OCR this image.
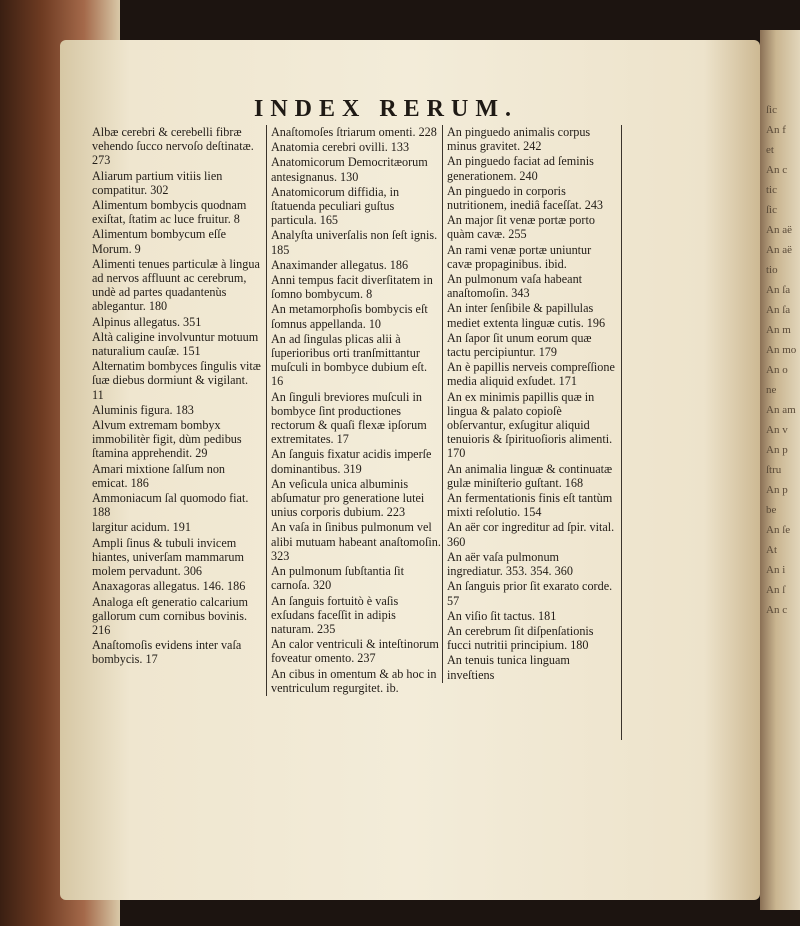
ſic
An f
et
An c
tic
ſic
An aë
An aë
tio
An ſa
An ſa
An m
An mo
An o
ne
An am
An v
An p
ſtru
An p
be
An ſe
At
An i
An ſ
An c
INDEX RERUM.
Albæ cerebri & cerebelli fibræ vehendo ſucco nervoſo deſtinatæ. 273
Aliarum partium vitiis lien compatitur. 302
Alimentum bombycis quodnam exiſtat, ſtatim ac luce fruitur. 8
Alimentum bombycum eſſe Morum. 9
Alimenti tenues particulæ à lingua ad nervos affluunt ac cerebrum, undè ad partes quadantenùs ablegantur. 180
Alpinus allegatus. 351
Altà caligine involvuntur motuum naturalium cauſæ. 151
Alternatim bombyces ſingulis vitæ ſuæ diebus dormiunt & vigilant. 11
Aluminis figura. 183
Alvum extremam bombyx immobilitèr figit, dùm pedibus ſtamina apprehendit. 29
Amari mixtione ſalſum non emicat. 186
Ammoniacum ſal quomodo fiat. 188
largitur acidum. 191
Ampli ſinus & tubuli invicem hiantes, univerſam mammarum molem pervadunt. 306
Anaxagoras allegatus. 146. 186
Analoga eſt generatio calcarium gallorum cum cornibus bovinis. 216
Anaſtomoſis evidens inter vaſa bombycis. 17
Anaſtomoſes ſtriarum omenti. 228
Anatomia cerebri ovilli. 133
Anatomicorum Democritæorum antesignanus. 130
Anatomicorum diffidia, in ſtatuenda peculiari guſtus particula. 165
Analyſta univerſalis non ſeſt ignis. 185
Anaximander allegatus. 186
Anni tempus facit diverſitatem in ſomno bombycum. 8
An metamorphoſis bombycis eſt ſomnus appellanda. 10
An ad ſingulas plicas alii à ſuperioribus orti tranſmittantur muſculi in bombyce dubium eſt. 16
An ſinguli breviores muſculi in bombyce ſint productiones rectorum & quaſi flexæ ipſorum extremitates. 17
An ſanguis fixatur acidis imperſe dominantibus. 319
An veſicula unica albuminis abſumatur pro generatione lutei unius corporis dubium. 223
An vaſa in ſinibus pulmonum vel alibi mutuam habeant anaſtomoſin. 323
An pulmonum ſubſtantia ſit carnoſa. 320
An ſanguis fortuitò è vaſis exſudans faceſſit in adipis naturam. 235
An calor ventriculi & inteſtinorum foveatur omento. 237
An cibus in omentum & ab hoc in ventriculum regurgitet. ib.
An pinguedo animalis corpus minus gravitet. 242
An pinguedo faciat ad ſeminis generationem. 240
An pinguedo in corporis nutritionem, inediâ faceſſat. 243
An major ſit venæ portæ porto quàm cavæ. 255
An rami venæ portæ uniuntur cavæ propaginibus. ibid.
An pulmonum vaſa habeant anaſtomoſin. 343
An inter ſenſibile & papillulas mediet extenta linguæ cutis. 196
An ſapor ſit unum eorum quæ tactu percipiuntur. 179
An è papillis nerveis compreſſione media aliquid exſudet. 171
An ex minimis papillis quæ in lingua & palato copioſè obſervantur, exſugitur aliquid tenuioris & ſpirituoſioris alimenti. 170
An animalia linguæ & continuatæ gulæ miniſterio guſtant. 168
An fermentationis finis eſt tantùm mixti reſolutio. 154
An aër cor ingreditur ad ſpir. vital. 360
An aër vaſa pulmonum ingrediatur. 353. 354. 360
An ſanguis prior ſit exarato corde. 57
An viſio ſit tactus. 181
An cerebrum ſit diſpenſationis fucci nutritii principium. 180
An tenuis tunica linguam inveſtiens
